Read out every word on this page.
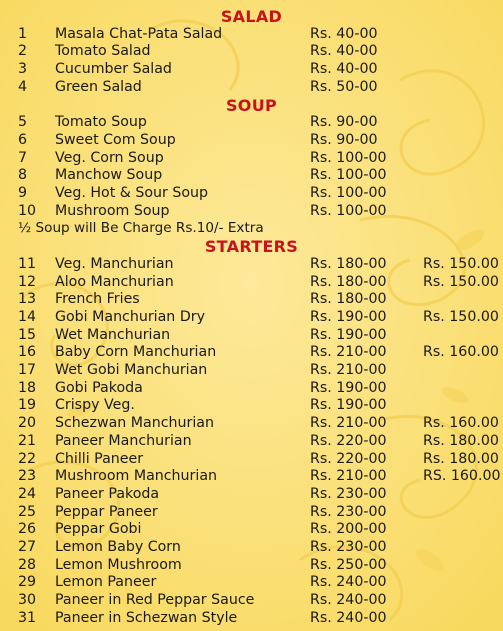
SALAD
1 Masala Chat-Pata Salad	Rs. 40-00
2 Tomato Salad	Rs. 40-00
3 Cucumber Salad	Rs. 40-00
4 Green Salad	Rs. 50-00
SOUP
5 Tomato Soup	Rs. 90-00
6 Sweet Com Soup	Rs. 90-00
7 Veg. Corn Soup	Rs. 100-00
8 Manchow Soup	Rs. 100-00
9 Veg. Hot & Sour Soup	Rs. 100-00
10 Mushroom Soup	Rs. 100-00
½ Soup will Be Charge Rs.10/- Extra
STARTERS
11 Veg. Manchurian	Rs. 180-00	Rs. 150.00
12 Aloo Manchurian	Rs. 180-00	Rs. 150.00
13 French Fries	Rs. 180-00
14 Gobi Manchurian Dry	Rs. 190-00	Rs. 150.00
15 Wet Manchurian	Rs. 190-00
16 Baby Corn Manchurian	Rs. 210-00	Rs. 160.00
17 Wet Gobi Manchurian	Rs. 210-00
18 Gobi Pakoda	Rs. 190-00
19 Crispy Veg.	Rs. 190-00
20 Schezwan Manchurian	Rs. 210-00	Rs. 160.00
21 Paneer Manchurian	Rs. 220-00	Rs. 180.00
22 Chilli Paneer	Rs. 220-00	Rs. 180.00
23 Mushroom Manchurian	Rs. 210-00	RS. 160.00
24 Paneer Pakoda	Rs. 230-00
25 Peppar Paneer	Rs. 230-00
26 Peppar Gobi	Rs. 200-00
27 Lemon Baby Corn	Rs. 230-00
28 Lemon Mushroom	Rs. 250-00
29 Lemon Paneer	Rs. 240-00
30 Paneer in Red Peppar Sauce	Rs. 240-00
31 Paneer in Schezwan Style	Rs. 240-00
